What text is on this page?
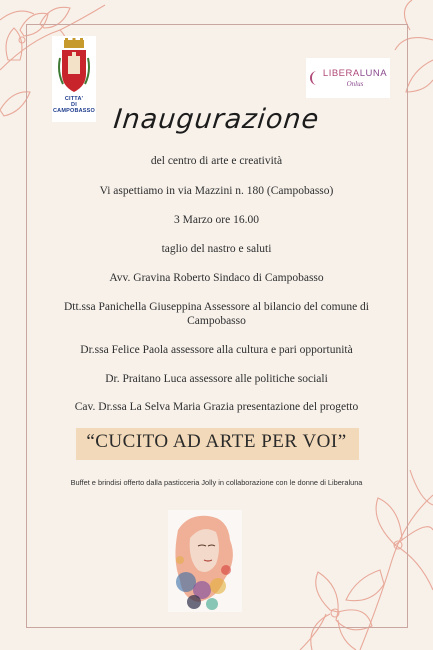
CITTA'
DI CAMPOBASSO
LIBERALUNA
Onlus
Inaugurazione
del centro di arte e creatività
Vi aspettiamo in via Mazzini n. 180 (Campobasso)
3 Marzo ore 16.00
taglio del nastro e saluti
Avv. Gravina Roberto Sindaco di Campobasso
Dtt.ssa Panichella Giuseppina Assessore al bilancio del comune di
Campobasso
Dr.ssa Felice Paola assessore alla cultura e pari opportunità
Dr. Praitano Luca assessore alle politiche sociali
Cav. Dr.ssa La Selva Maria Grazia presentazione del progetto
“CUCITO AD ARTE PER VOI”
Buffet e brindisi offerto dalla pasticceria Jolly in collaborazione con le donne di Liberaluna
